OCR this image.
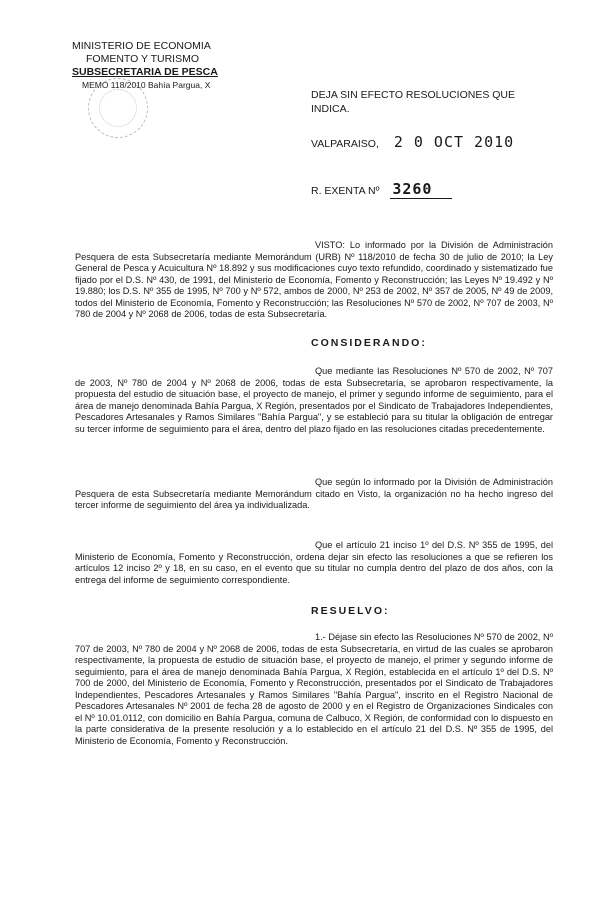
MINISTERIO DE ECONOMIA
FOMENTO Y TURISMO
SUBSECRETARIA DE PESCA
MEMO 118/2010 Bahía Pargua, X
DEJA SIN EFECTO RESOLUCIONES QUE INDICA.
VALPARAISO, 2 0 OCT 2010
R. EXENTA Nº 3260

VISTO: Lo informado por la División de Administración Pesquera de esta Subsecretaría mediante Memorándum (URB) Nº 118/2010 de fecha 30 de julio de 2010; la Ley General de Pesca y Acuicultura Nº 18.892 y sus modificaciones cuyo texto refundido, coordinado y sistematizado fue fijado por el D.S. Nº 430, de 1991, del Ministerio de Economía, Fomento y Reconstrucción; las Leyes Nº 19.492 y Nº 19.880; los D.S. Nº 355 de 1995, Nº 700 y Nº 572, ambos de 2000, Nº 253 de 2002, Nº 357 de 2005, Nº 49 de 2009, todos del Ministerio de Economía, Fomento y Reconstrucción; las Resoluciones Nº 570 de 2002, Nº 707 de 2003, Nº 780 de 2004 y Nº 2068 de 2006, todas de esta Subsecretaría.

CONSIDERANDO:

Que mediante las Resoluciones Nº 570 de 2002, Nº 707 de 2003, Nº 780 de 2004 y Nº 2068 de 2006, todas de esta Subsecretaría, se aprobaron respectivamente, la propuesta del estudio de situación base, el proyecto de manejo, el primer y segundo informe de seguimiento, para el área de manejo denominada Bahía Pargua, X Región, presentados por el Sindicato de Trabajadores Independientes, Pescadores Artesanales y Ramos Similares "Bahía Pargua", y se estableció para su titular la obligación de entregar su tercer informe de seguimiento para el área, dentro del plazo fijado en las resoluciones citadas precedentemente.

Que según lo informado por la División de Administración Pesquera de esta Subsecretaría mediante Memorándum citado en Visto, la organización no ha hecho ingreso del tercer informe de seguimiento del área ya individualizada.

Que el artículo 21 inciso 1º del D.S. Nº 355 de 1995, del Ministerio de Economía, Fomento y Reconstrucción, ordena dejar sin efecto las resoluciones a que se refieren los artículos 12 inciso 2º y 18, en su caso, en el evento que su titular no cumpla dentro del plazo de dos años, con la entrega del informe de seguimiento correspondiente.

RESUELVO:

1.- Déjase sin efecto las Resoluciones Nº 570 de 2002, Nº 707 de 2003, Nº 780 de 2004 y Nº 2068 de 2006, todas de esta Subsecretaría, en virtud de las cuales se aprobaron respectivamente, la propuesta de estudio de situación base, el proyecto de manejo, el primer y segundo informe de seguimiento, para el área de manejo denominada Bahía Pargua, X Región, establecida en el artículo 1º del D.S. Nº 700 de 2000, del Ministerio de Economía, Fomento y Reconstrucción, presentados por el Sindicato de Trabajadores Independientes, Pescadores Artesanales y Ramos Similares "Bahía Pargua", inscrito en el Registro Nacional de Pescadores Artesanales Nº 2001 de fecha 28 de agosto de 2000 y en el Registro de Organizaciones Sindicales con el Nº 10.01.0112, con domicilio en Bahía Pargua, comuna de Calbuco, X Región, de conformidad con lo dispuesto en la parte considerativa de la presente resolución y a lo establecido en el artículo 21 del D.S. Nº 355 de 1995, del Ministerio de Economía, Fomento y Reconstrucción.
